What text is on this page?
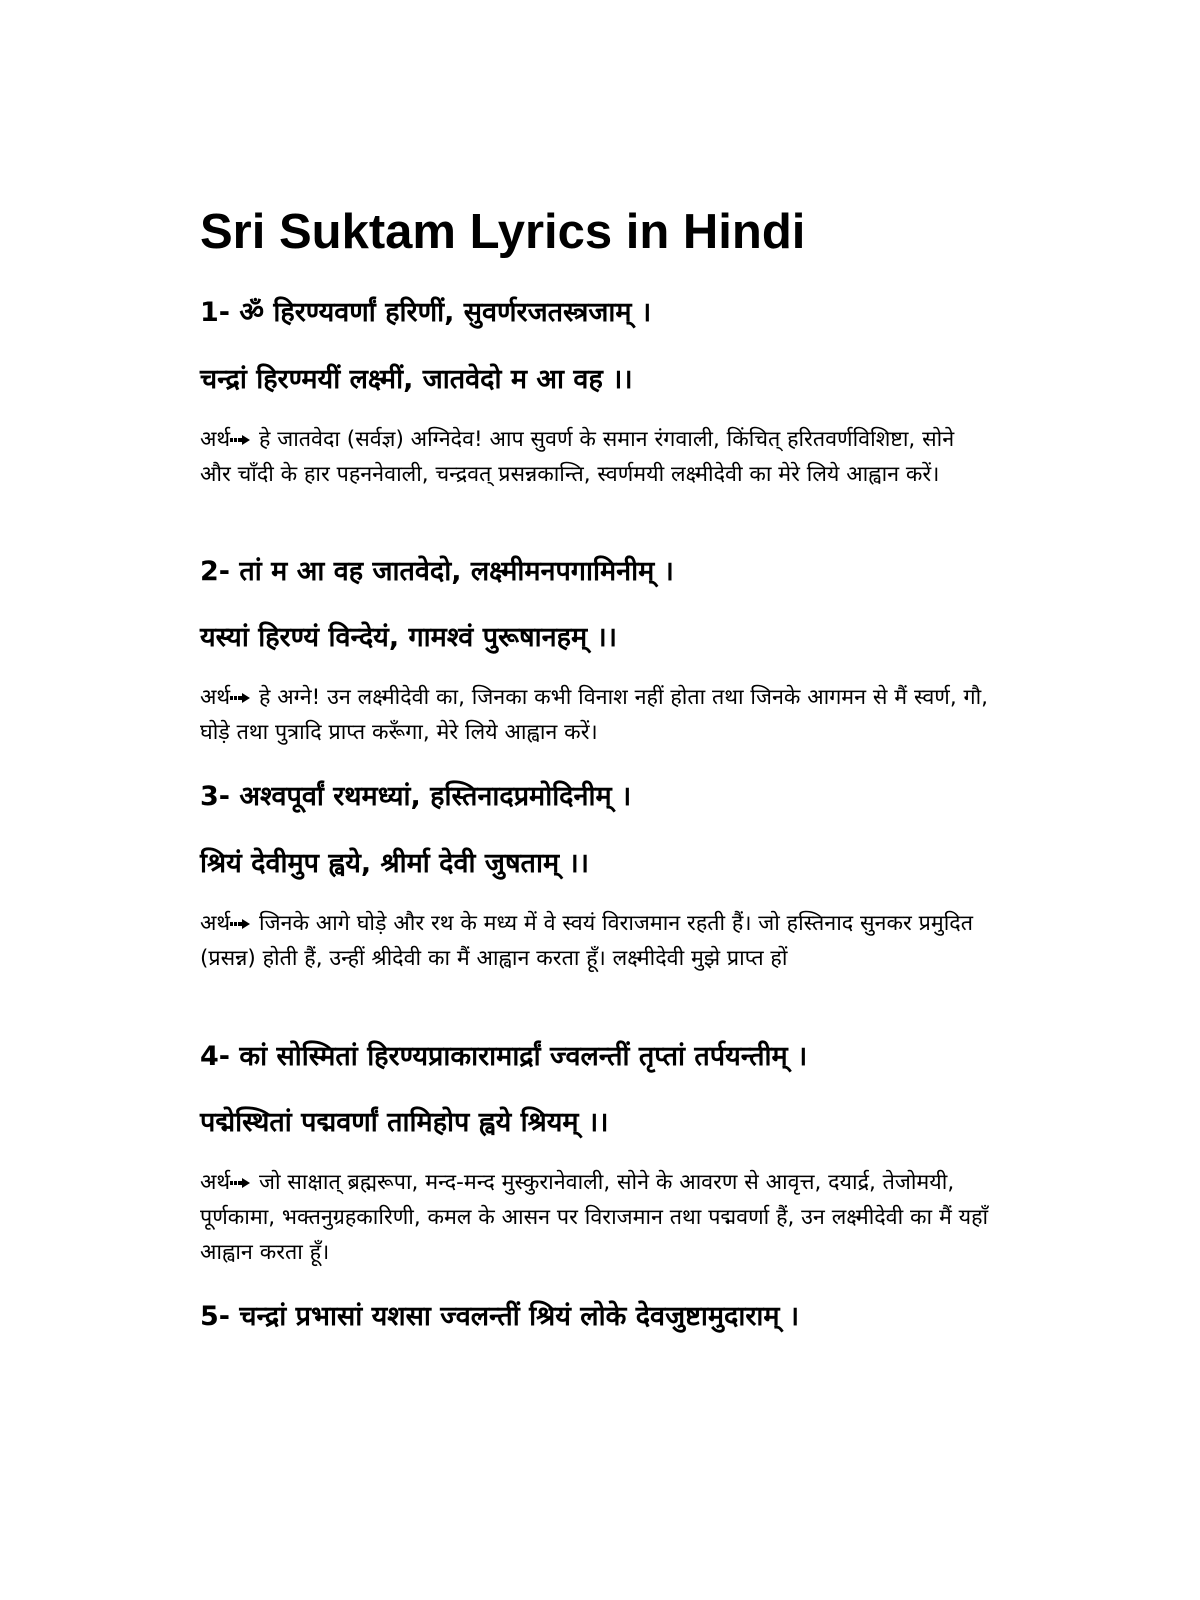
Sri Suktam Lyrics in Hindi

1- ॐ हिरण्यवर्णां हरिणीं, सुवर्णरजतस्त्रजाम् ।

चन्द्रां हिरण्मयीं लक्ष्मीं, जातवेदो म आ वह ।।

अर्थ हे जातवेदा (सर्वज्ञ) अग्निदेव! आप सुवर्ण के समान रंगवाली, किंचित् हरितवर्णविशिष्टा, सोने और चाँदी के हार पहननेवाली, चन्द्रवत् प्रसन्नकान्ति, स्वर्णमयी लक्ष्मीदेवी का मेरे लिये आह्वान करें।

2- तां म आ वह जातवेदो, लक्ष्मीमनपगामिनीम् ।

यस्यां हिरण्यं विन्देयं, गामश्वं पुरूषानहम् ।।

अर्थ हे अग्ने! उन लक्ष्मीदेवी का, जिनका कभी विनाश नहीं होता तथा जिनके आगमन से मैं स्वर्ण, गौ, घोड़े तथा पुत्रादि प्राप्त करूँगा, मेरे लिये आह्वान करें।

3- अश्वपूर्वां रथमध्यां, हस्तिनादप्रमोदिनीम् ।

श्रियं देवीमुप ह्वये, श्रीर्मा देवी जुषताम् ।।

अर्थ जिनके आगे घोड़े और रथ के मध्य में वे स्वयं विराजमान रहती हैं। जो हस्तिनाद सुनकर प्रमुदित (प्रसन्न) होती हैं, उन्हीं श्रीदेवी का मैं आह्वान करता हूँ। लक्ष्मीदेवी मुझे प्राप्त हों

4- कां सोस्मितां हिरण्यप्राकारामार्द्रां ज्वलन्तीं तृप्तां तर्पयन्तीम् ।

पद्मेस्थितां पद्मवर्णां तामिहोप ह्वये श्रियम् ।।

अर्थ जो साक्षात् ब्रह्मरूपा, मन्द-मन्द मुस्कुरानेवाली, सोने के आवरण से आवृत्त, दयार्द्र, तेजोमयी, पूर्णकामा, भक्तनुग्रहकारिणी, कमल के आसन पर विराजमान तथा पद्मवर्णा हैं, उन लक्ष्मीदेवी का मैं यहाँ आह्वान करता हूँ।

5- चन्द्रां प्रभासां यशसा ज्वलन्तीं श्रियं लोके देवजुष्टामुदाराम् ।
